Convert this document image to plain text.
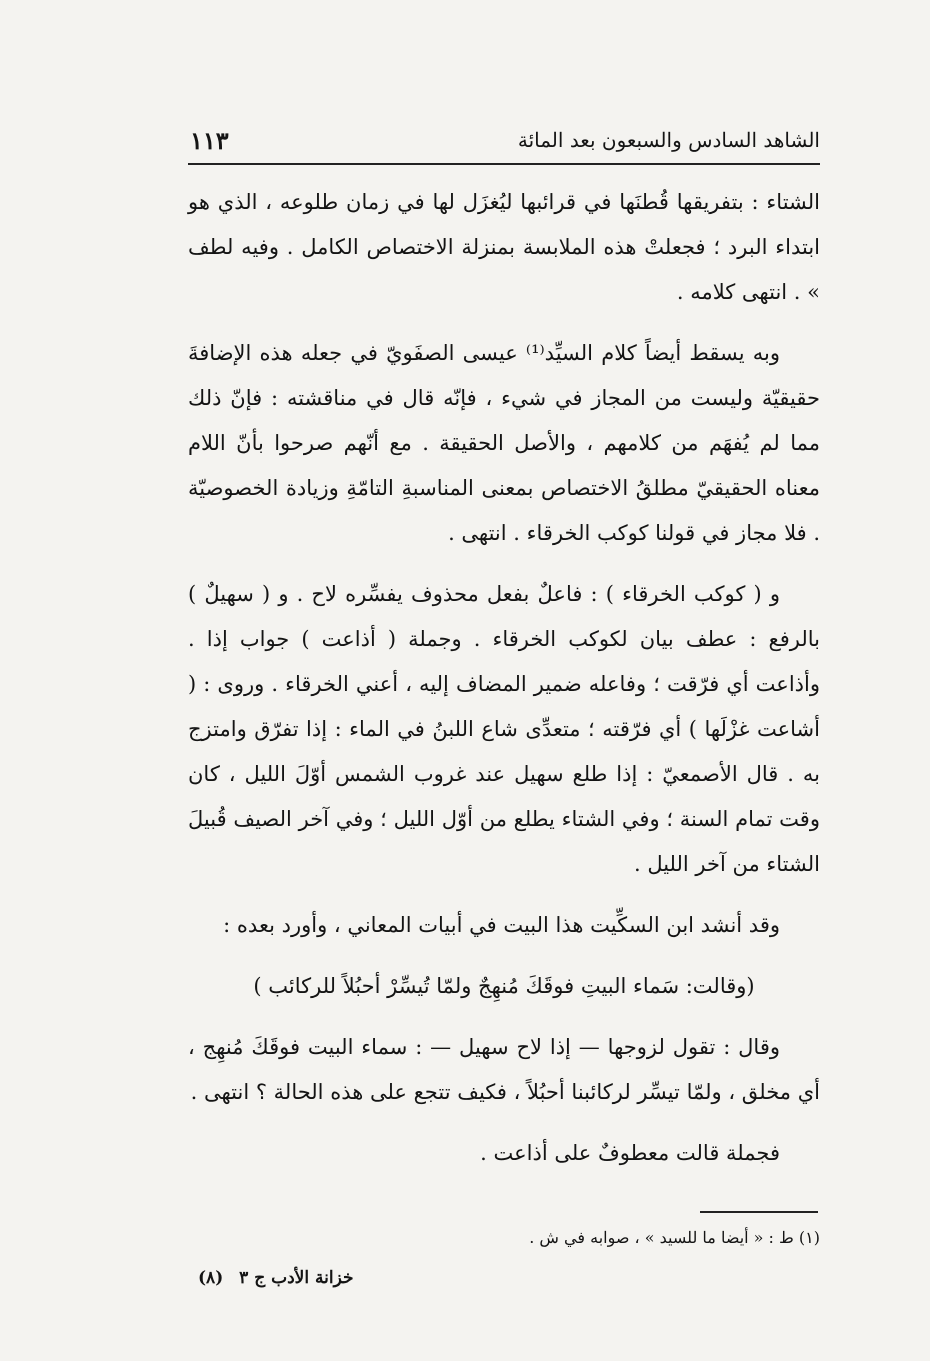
الشاهد السادس والسبعون بعد المائة
١١٣

الشتاء : بتفريقها قُطنَها في قرائبها ليُغزَل لها في زمان طلوعه ، الذي هو ابتداء البرد ؛ فجعلتْ هذه الملابسة بمنزلة الاختصاص الكامل . وفيه لطف » . انتهى كلامه .

وبه يسقط أيضاً كلام السيِّد⁽¹⁾ عيسى الصفَويّ في جعله هذه الإضافةَ حقيقيّة وليست من المجاز في شيء ، فإنّه قال في مناقشته : فإنّ ذلك مما لم يُفهَم من كلامهم ، والأصل الحقيقة . مع أنّهم صرحوا بأنّ اللام معناه الحقيقيّ مطلقُ الاختصاص بمعنى المناسبةِ التامّةِ وزيادة الخصوصيّة . فلا مجاز في قولنا كوكب الخرقاء . انتهى .

و ( كوكب الخرقاء ) : فاعلٌ بفعل محذوف يفسِّره لاح . و ( سهيلٌ ) بالرفع : عطف بيان لكوكب الخرقاء . وجملة ( أذاعت ) جواب إذا . وأذاعت أي فرّقت ؛ وفاعله ضمير المضاف إليه ، أعني الخرقاء . وروى : ( أشاعت غزْلَها ) أي فرّقته ؛ متعدِّى شاع اللبنُ في الماء : إذا تفرّق وامتزج به . قال الأصمعيّ : إذا طلع سهيل عند غروب الشمس أوّلَ الليل ، كان وقت تمام السنة ؛ وفي الشتاء يطلع من أوّل الليل ؛ وفي آخر الصيف قُبيلَ الشتاء من آخر الليل .

وقد أنشد ابن السكِّيت هذا البيت في أبيات المعاني ، وأورد بعده :

(وقالت: سَماء البيتِ فوقَكَ مُنهِجٌ ولمّا تُيسِّرْ أحبُلاً للركائب )

وقال : تقول لزوجها — إذا لاح سهيل — : سماء البيت فوقَكَ مُنهِج ، أي مخلق ، ولمّا تيسِّر لركائبنا أحبُلاً ، فكيف تتجع على هذه الحالة ؟ انتهى .

فجملة قالت معطوفٌ على أذاعت .

(١) ط : « أيضا ما للسيد » ، صوابه في ش .
خزانة الأدب ج ٣ (٨)
